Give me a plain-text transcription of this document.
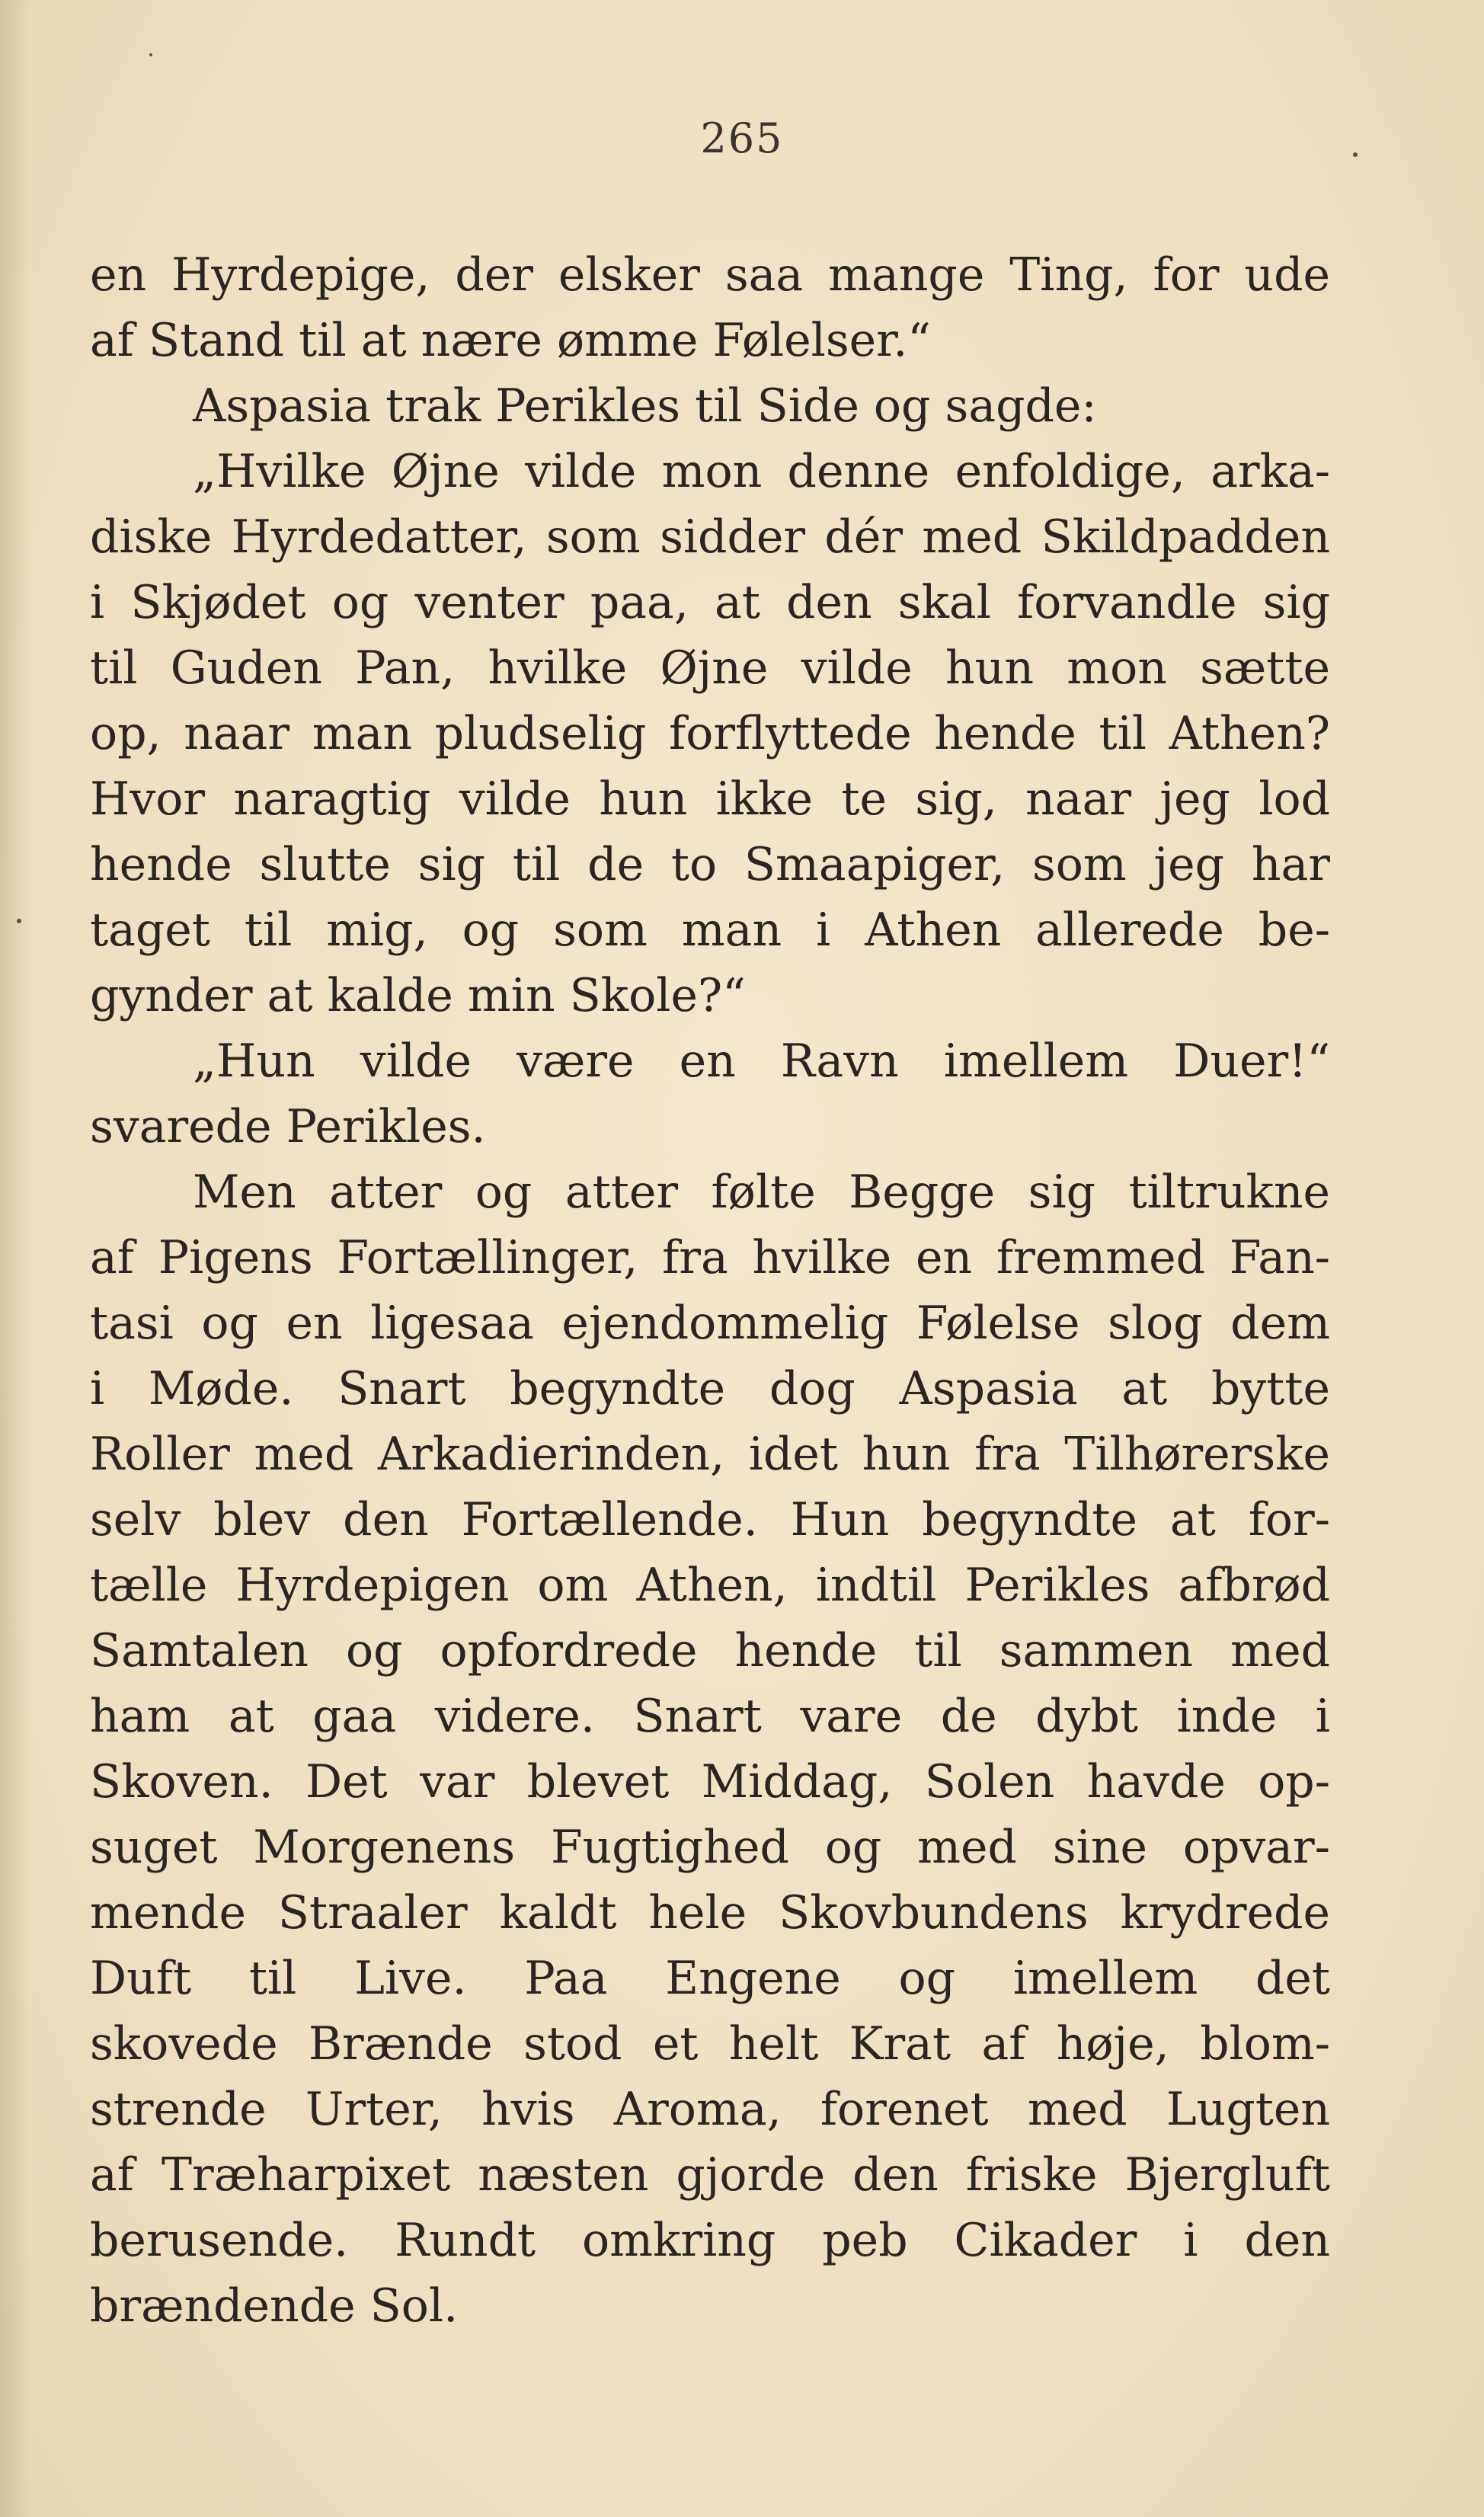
265
en Hyrdepige, der elsker saa mange Ting, for ude
af Stand til at nære ømme Følelser.“
Aspasia trak Perikles til Side og sagde:
„Hvilke Øjne vilde mon denne enfoldige, arka-
diske Hyrdedatter, som sidder dér med Skildpadden
i Skjødet og venter paa, at den skal forvandle sig
til Guden Pan, hvilke Øjne vilde hun mon sætte
op, naar man pludselig forflyttede hende til Athen?
Hvor naragtig vilde hun ikke te sig, naar jeg lod
hende slutte sig til de to Smaapiger, som jeg har
taget til mig, og som man i Athen allerede be-
gynder at kalde min Skole?“
„Hun vilde være en Ravn imellem Duer!“
svarede Perikles.
Men atter og atter følte Begge sig tiltrukne
af Pigens Fortællinger, fra hvilke en fremmed Fan-
tasi og en ligesaa ejendommelig Følelse slog dem
i Møde. Snart begyndte dog Aspasia at bytte
Roller med Arkadierinden, idet hun fra Tilhørerske
selv blev den Fortællende. Hun begyndte at for-
tælle Hyrdepigen om Athen, indtil Perikles afbrød
Samtalen og opfordrede hende til sammen med
ham at gaa videre. Snart vare de dybt inde i
Skoven. Det var blevet Middag, Solen havde op-
suget Morgenens Fugtighed og med sine opvar-
mende Straaler kaldt hele Skovbundens krydrede
Duft til Live. Paa Engene og imellem det
skovede Brænde stod et helt Krat af høje, blom-
strende Urter, hvis Aroma, forenet med Lugten
af Træharpixet næsten gjorde den friske Bjergluft
berusende. Rundt omkring peb Cikader i den
brændende Sol.
